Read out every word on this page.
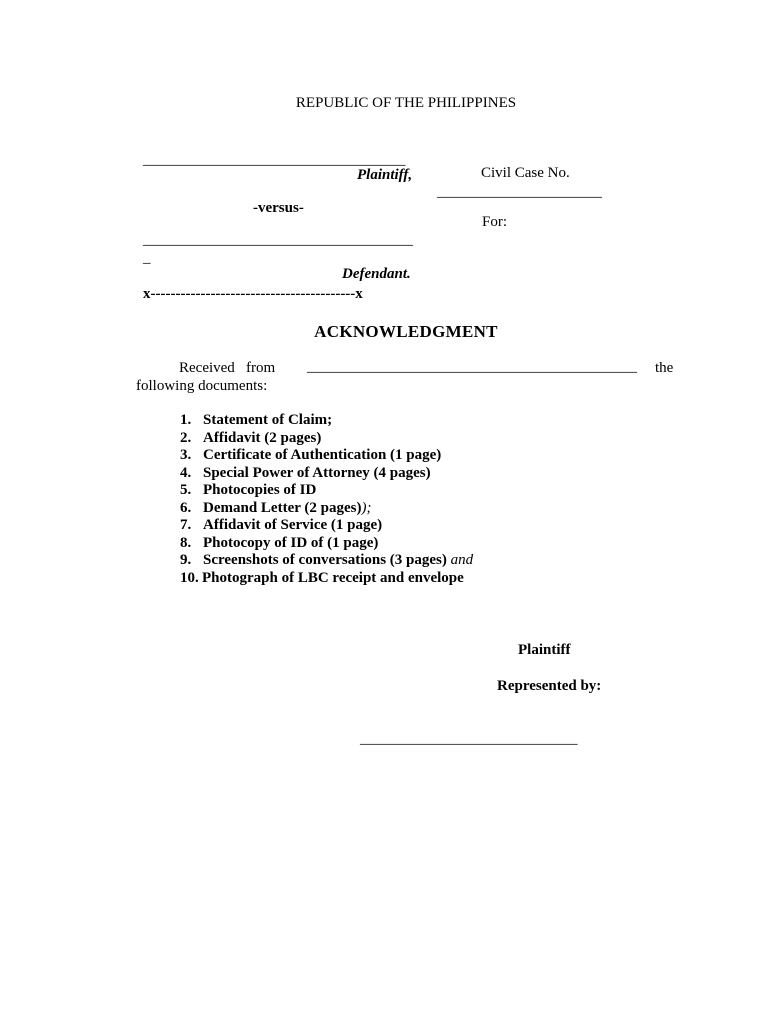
REPUBLIC OF THE PHILIPPINES
___________________________________
Plaintiff,
-versus-
____________________________________
_
Defendant.
x-----------------------------------------x
Civil Case No.
______________________
For:
ACKNOWLEDGMENT
Received   from ____________________________________________ the
following documents:
1. Statement of Claim;
2. Affidavit (2 pages)
3. Certificate of Authentication (1 page)
4. Special Power of Attorney (4 pages)
5. Photocopies of ID
6. Demand Letter (2 pages));
7. Affidavit of Service (1 page)
8. Photocopy of ID of (1 page)
9. Screenshots of conversations (3 pages) and
10. Photograph of LBC receipt and envelope
Plaintiff
Represented by:
_____________________________
